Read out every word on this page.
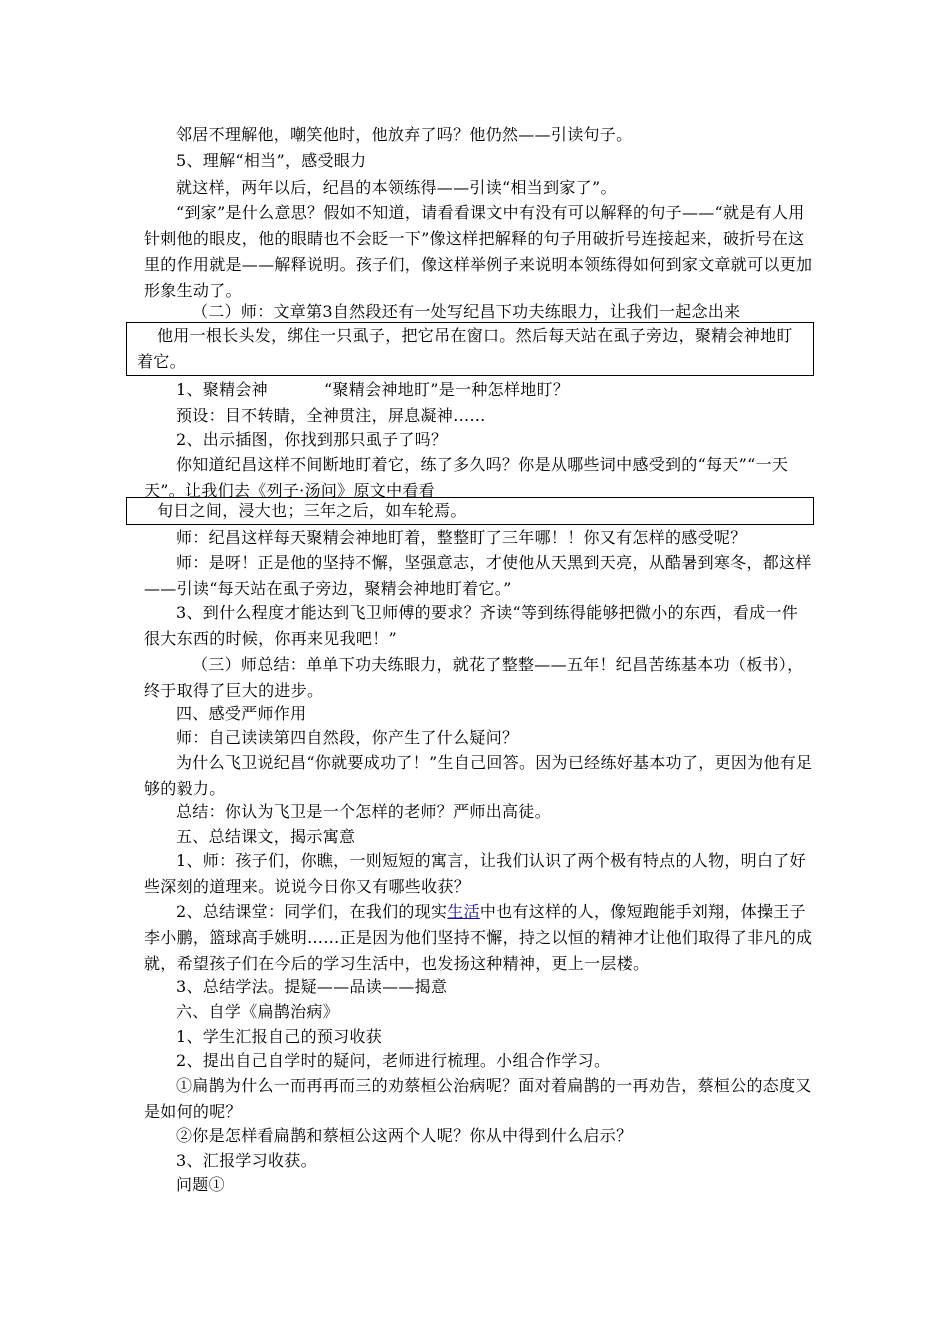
邻居不理解他，嘲笑他时，他放弃了吗？他仍然——引读句子。

5、理解“相当”，感受眼力

就这样，两年以后，纪昌的本领练得——引读“相当到家了”。

“到家”是什么意思？假如不知道，请看看课文中有没有可以解释的句子——“就是有人用针刺他的眼皮，他的眼睛也不会眨一下”像这样把解释的句子用破折号连接起来，破折号在这里的作用就是——解释说明。孩子们，像这样举例子来说明本领练得如何到家文章就可以更加形象生动了。

（二）师：文章第3自然段还有一处写纪昌下功夫练眼力，让我们一起念出来

他用一根长头发，绑住一只虱子，把它吊在窗口。然后每天站在虱子旁边，聚精会神地盯着它。

1、聚精会神	“聚精会神地盯”是一种怎样地盯？

预设：目不转睛，全神贯注，屏息凝神……

2、出示插图，你找到那只虱子了吗？

你知道纪昌这样不间断地盯着它，练了多久吗？你是从哪些词中感受到的“每天”“一天天”。让我们去《列子·汤问》原文中看看

旬日之间，浸大也；三年之后，如车轮焉。

师：纪昌这样每天聚精会神地盯着，整整盯了三年哪！！你又有怎样的感受呢？

师：是呀！正是他的坚持不懈，坚强意志，才使他从天黑到天亮，从酷暑到寒冬，都这样——引读“每天站在虱子旁边，聚精会神地盯着它。”

3、到什么程度才能达到飞卫师傅的要求？齐读“等到练得能够把微小的东西，看成一件很大东西的时候，你再来见我吧！”

（三）师总结：单单下功夫练眼力，就花了整整——五年！纪昌苦练基本功（板书），终于取得了巨大的进步。

四、感受严师作用

师：自己读读第四自然段，你产生了什么疑问？

为什么飞卫说纪昌“你就要成功了！”生自己回答。因为已经练好基本功了，更因为他有足够的毅力。

总结：你认为飞卫是一个怎样的老师？严师出高徒。

五、总结课文，揭示寓意

1、师：孩子们，你瞧，一则短短的寓言，让我们认识了两个极有特点的人物，明白了好些深刻的道理来。说说今日你又有哪些收获？

2、总结课堂：同学们，在我们的现实生活中也有这样的人，像短跑能手刘翔，体操王子李小鹏，篮球高手姚明……正是因为他们坚持不懈，持之以恒的精神才让他们取得了非凡的成就，希望孩子们在今后的学习生活中，也发扬这种精神，更上一层楼。

3、总结学法。提疑——品读——揭意

六、自学《扁鹊治病》

1、学生汇报自己的预习收获

2、提出自己自学时的疑问，老师进行梳理。小组合作学习。

①扁鹊为什么一而再再而三的劝蔡桓公治病呢？面对着扁鹊的一再劝告，蔡桓公的态度又是如何的呢？

②你是怎样看扁鹊和蔡桓公这两个人呢？你从中得到什么启示？

3、汇报学习收获。

问题①
